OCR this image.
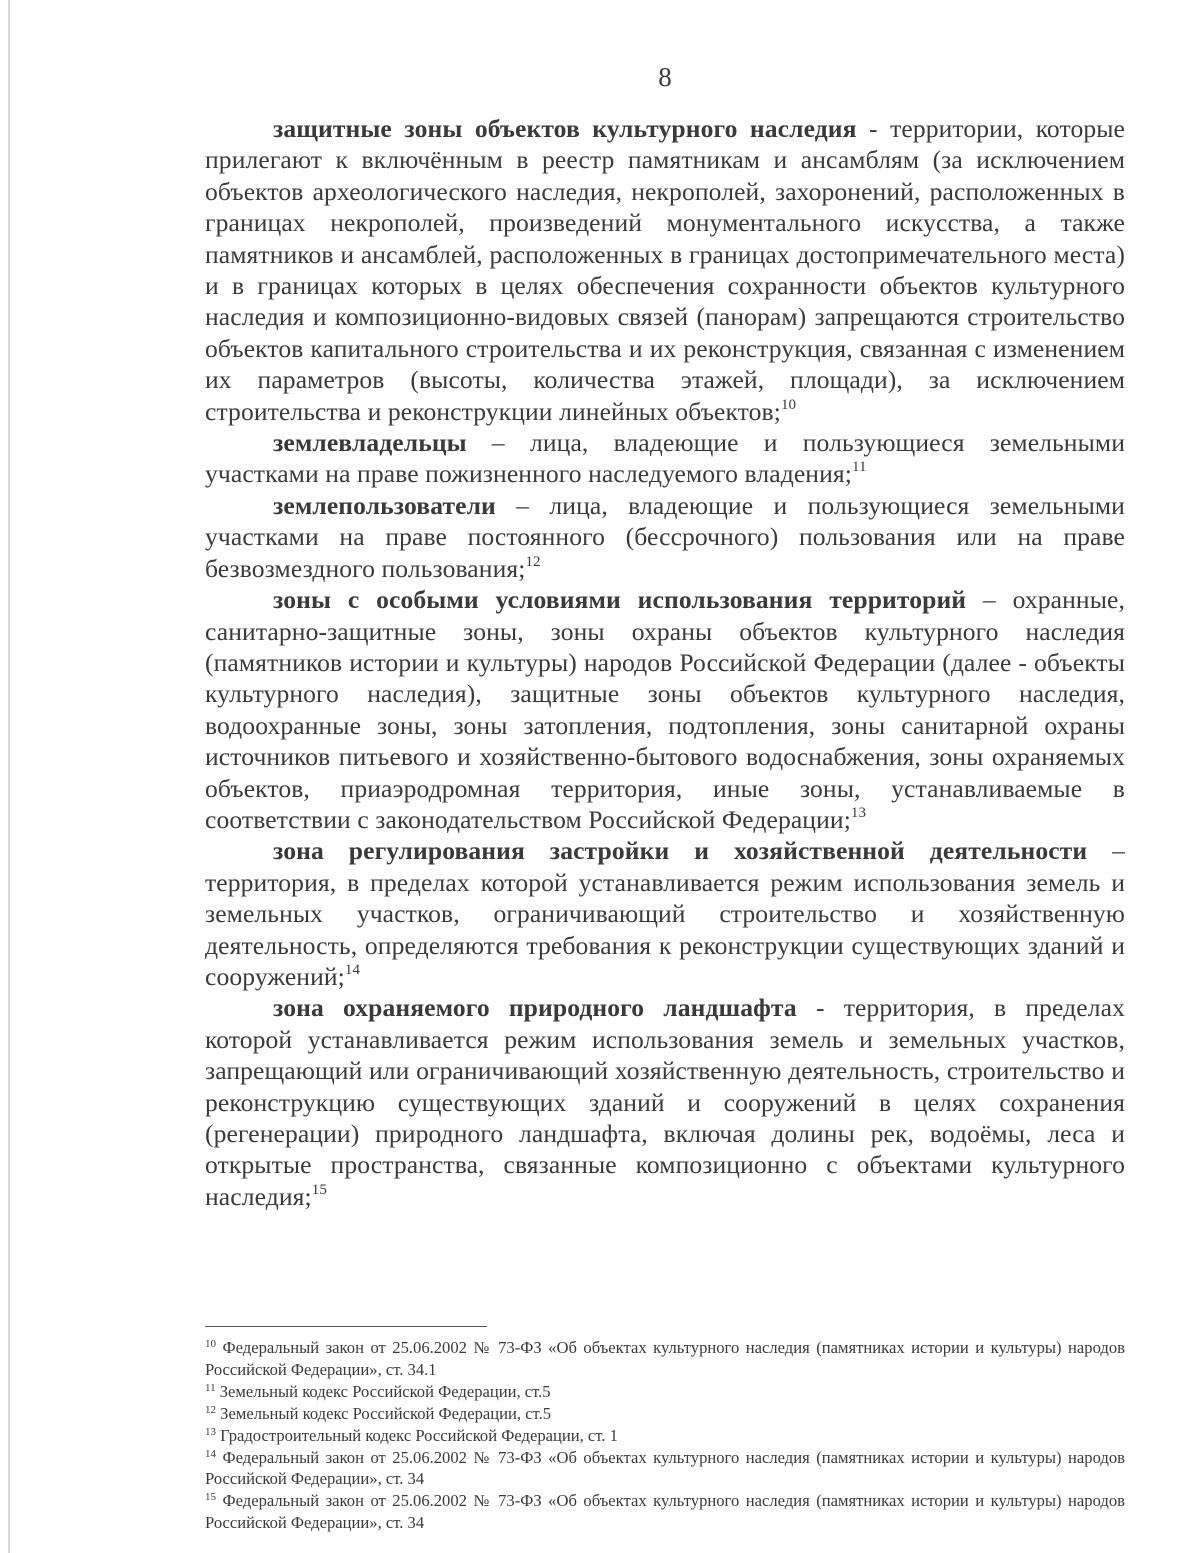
8

защитные зоны объектов культурного наследия - территории, которые прилегают к включённым в реестр памятникам и ансамблям (за исключением объектов археологического наследия, некрополей, захоронений, расположенных в границах некрополей, произведений монументального искусства, а также памятников и ансамблей, расположенных в границах достопримечательного места) и в границах которых в целях обеспечения сохранности объектов культурного наследия и композиционно-видовых связей (панорам) запрещаются строительство объектов капитального строительства и их реконструкция, связанная с изменением их параметров (высоты, количества этажей, площади), за исключением строительства и реконструкции линейных объектов;$^{10}$

землевладельцы – лица, владеющие и пользующиеся земельными участками на праве пожизненного наследуемого владения;$^{11}$

землепользователи – лица, владеющие и пользующиеся земельными участками на праве постоянного (бессрочного) пользования или на праве безвозмездного пользования;$^{12}$

зоны с особыми условиями использования территорий – охранные, санитарно-защитные зоны, зоны охраны объектов культурного наследия (памятников истории и культуры) народов Российской Федерации (далее - объекты культурного наследия), защитные зоны объектов культурного наследия, водоохранные зоны, зоны затопления, подтопления, зоны санитарной охраны источников питьевого и хозяйственно-бытового водоснабжения, зоны охраняемых объектов, приаэродромная территория, иные зоны, устанавливаемые в соответствии с законодательством Российской Федерации;$^{13}$

зона регулирования застройки и хозяйственной деятельности – территория, в пределах которой устанавливается режим использования земель и земельных участков, ограничивающий строительство и хозяйственную деятельность, определяются требования к реконструкции существующих зданий и сооружений;$^{14}$

зона охраняемого природного ландшафта - территория, в пределах которой устанавливается режим использования земель и земельных участков, запрещающий или ограничивающий хозяйственную деятельность, строительство и реконструкцию существующих зданий и сооружений в целях сохранения (регенерации) природного ландшафта, включая долины рек, водоёмы, леса и открытые пространства, связанные композиционно с объектами культурного наследия;$^{15}$

$^{10}$ Федеральный закон от 25.06.2002 № 73-ФЗ «Об объектах культурного наследия (памятниках истории и культуры) народов Российской Федерации», ст. 34.1

$^{11}$ Земельный кодекс Российской Федерации, ст.5

$^{12}$ Земельный кодекс Российской Федерации, ст.5

$^{13}$ Градостроительный кодекс Российской Федерации, ст. 1

$^{14}$ Федеральный закон от 25.06.2002 № 73-ФЗ «Об объектах культурного наследия (памятниках истории и культуры) народов Российской Федерации», ст. 34

$^{15}$ Федеральный закон от 25.06.2002 № 73-ФЗ «Об объектах культурного наследия (памятниках истории и культуры) народов Российской Федерации», ст. 34
